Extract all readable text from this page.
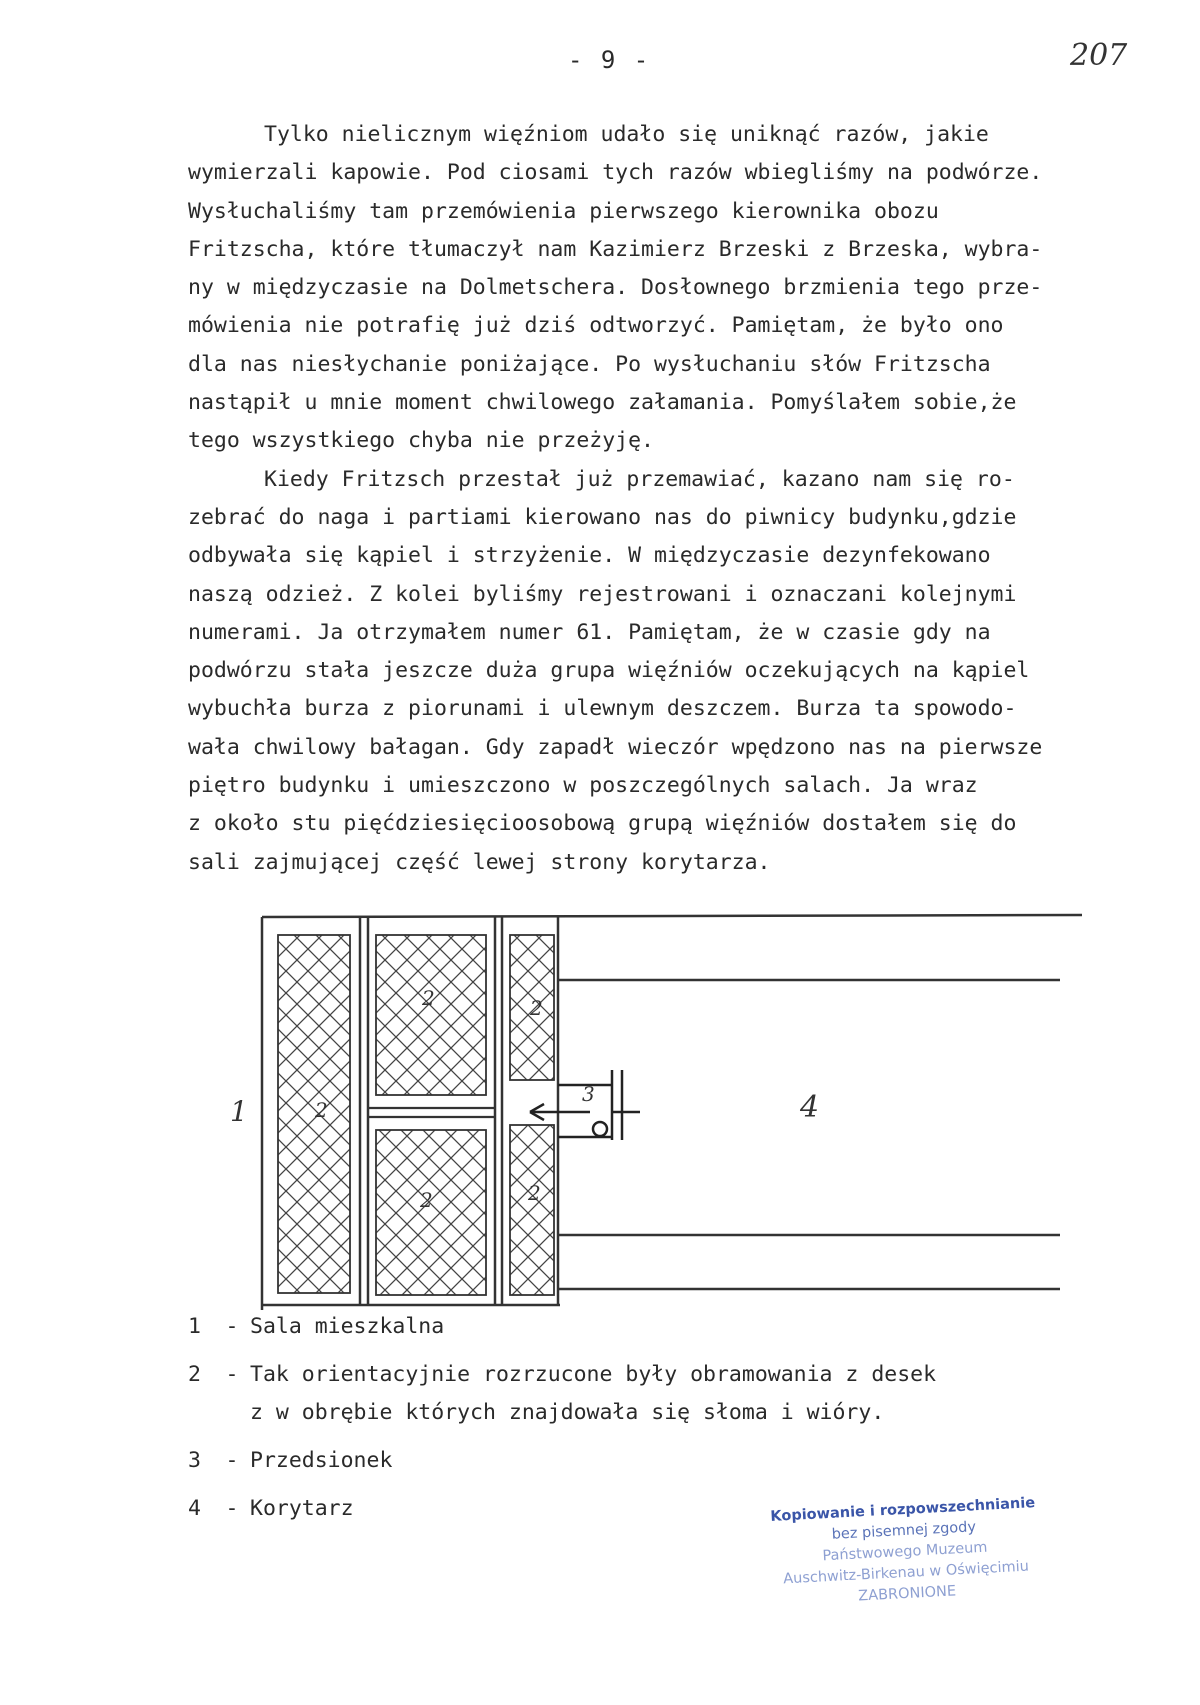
- 9 -	207

Tylko nielicznym więźniom udało się uniknąć razów, jakie
wymierzali kapowie. Pod ciosami tych razów wbiegliśmy na podwórze.
Wysłuchaliśmy tam przemówienia pierwszego kierownika obozu
Fritzscha, które tłumaczył nam Kazimierz Brzeski z Brzeska, wybra-
ny w międzyczasie na Dolmetschera. Dosłownego brzmienia tego prze-
mówienia nie potrafię już dziś odtworzyć. Pamiętam, że było ono
dla nas niesłychanie poniżające. Po wysłuchaniu słów Fritzscha
nastąpił u mnie moment chwilowego załamania. Pomyślałem sobie,że
tego wszystkiego chyba nie przeżyję.

Kiedy Fritzsch przestał już przemawiać, kazano nam się ro-
zebrać do naga i partiami kierowano nas do piwnicy budynku,gdzie
odbywała się kąpiel i strzyżenie. W międzyczasie dezynfekowano
naszą odzież. Z kolei byliśmy rejestrowani i oznaczani kolejnymi
numerami. Ja otrzymałem numer 61. Pamiętam, że w czasie gdy na
podwórzu stała jeszcze duża grupa więźniów oczekujących na kąpiel
wybuchła burza z piorunami i ulewnym deszczem. Burza ta spowodo-
wała chwilowy bałagan. Gdy zapadł wieczór wpędzono nas na pierwsze
piętro budynku i umieszczono w poszczególnych salach. Ja wraz
z około stu pięćdziesięcioosobową grupą więźniów dostałem się do
sali zajmującej część lewej strony korytarza.

1	2
2
2
2
2
3	4
1	- Sala mieszkalna
2	- Tak orientacyjnie rozrzucone były obramowania z desek
z w obrębie których znajdowała się słoma i wióry.
3	- Przedsionek
4	- Korytarz	Kopiowanie i rozpowszechnianie
bez pisemnej zgody
Państwowego Muzeum
Auschwitz-Birkenau w Oświęcimiu
ZABRONIONE
